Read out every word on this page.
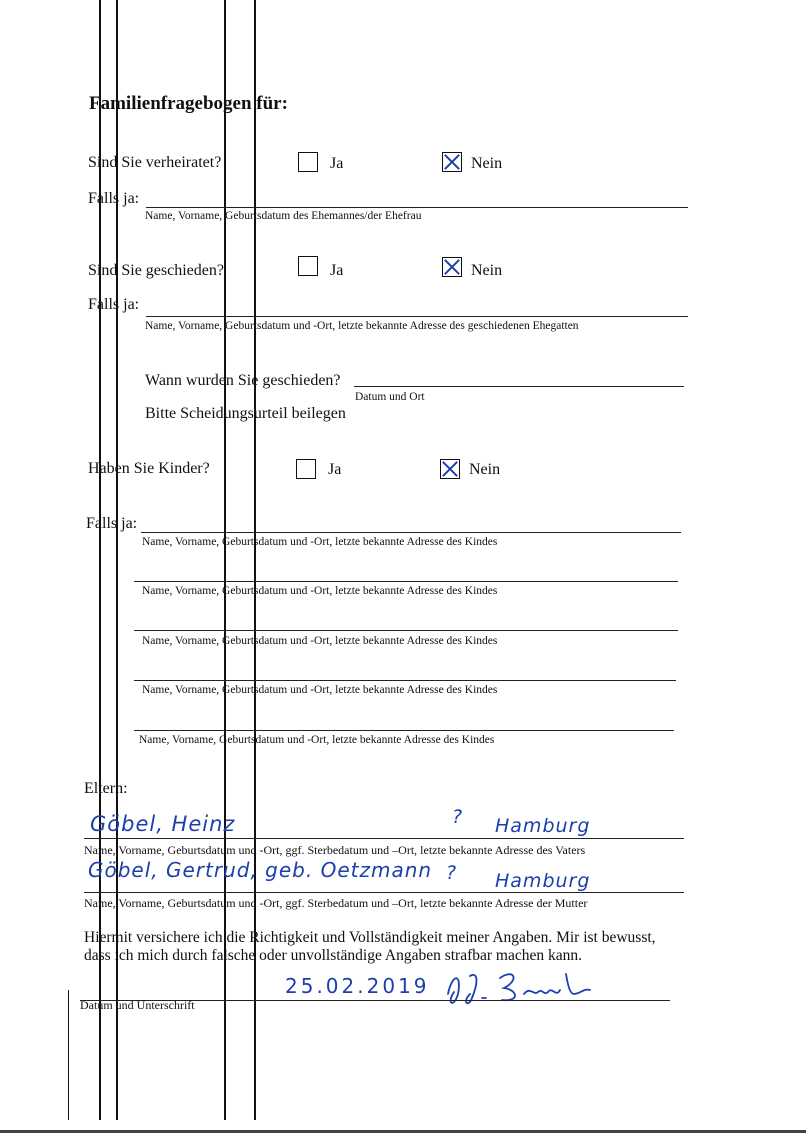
Familienfragebogen für:
Sind Sie verheiratet?	Ja	Nein
Falls ja:
Name, Vorname, Geburtsdatum des Ehemannes/der Ehefrau
Sind Sie geschieden?	Ja	Nein
Falls ja:
Name, Vorname, Geburtsdatum und -Ort, letzte bekannte Adresse des geschiedenen Ehegatten
Wann wurden Sie geschieden?
Datum und Ort
Bitte Scheidungsurteil beilegen
Haben Sie Kinder?	Ja	Nein
Falls ja:
Name, Vorname, Geburtsdatum und -Ort, letzte bekannte Adresse des Kindes
Name, Vorname, Geburtsdatum und -Ort, letzte bekannte Adresse des Kindes
Name, Vorname, Geburtsdatum und -Ort, letzte bekannte Adresse des Kindes
Name, Vorname, Geburtsdatum und -Ort, letzte bekannte Adresse des Kindes
Name, Vorname, Geburtsdatum und -Ort, letzte bekannte Adresse des Kindes
Eltern:
Göbel, Heinz	? Hamburg
Name, Vorname, Geburtsdatum und -Ort, ggf. Sterbedatum und –Ort, letzte bekannte Adresse des Vaters
Göbel, Gertrud, geb. Oetzmann ? Hamburg
Name, Vorname, Geburtsdatum und -Ort, ggf. Sterbedatum und –Ort, letzte bekannte Adresse der Mutter
Hiermit versichere ich die Richtigkeit und Vollständigkeit meiner Angaben. Mir ist bewusst,
dass ich mich durch falsche oder unvollständige Angaben strafbar machen kann.
25.02.2019
Datum und Unterschrift
